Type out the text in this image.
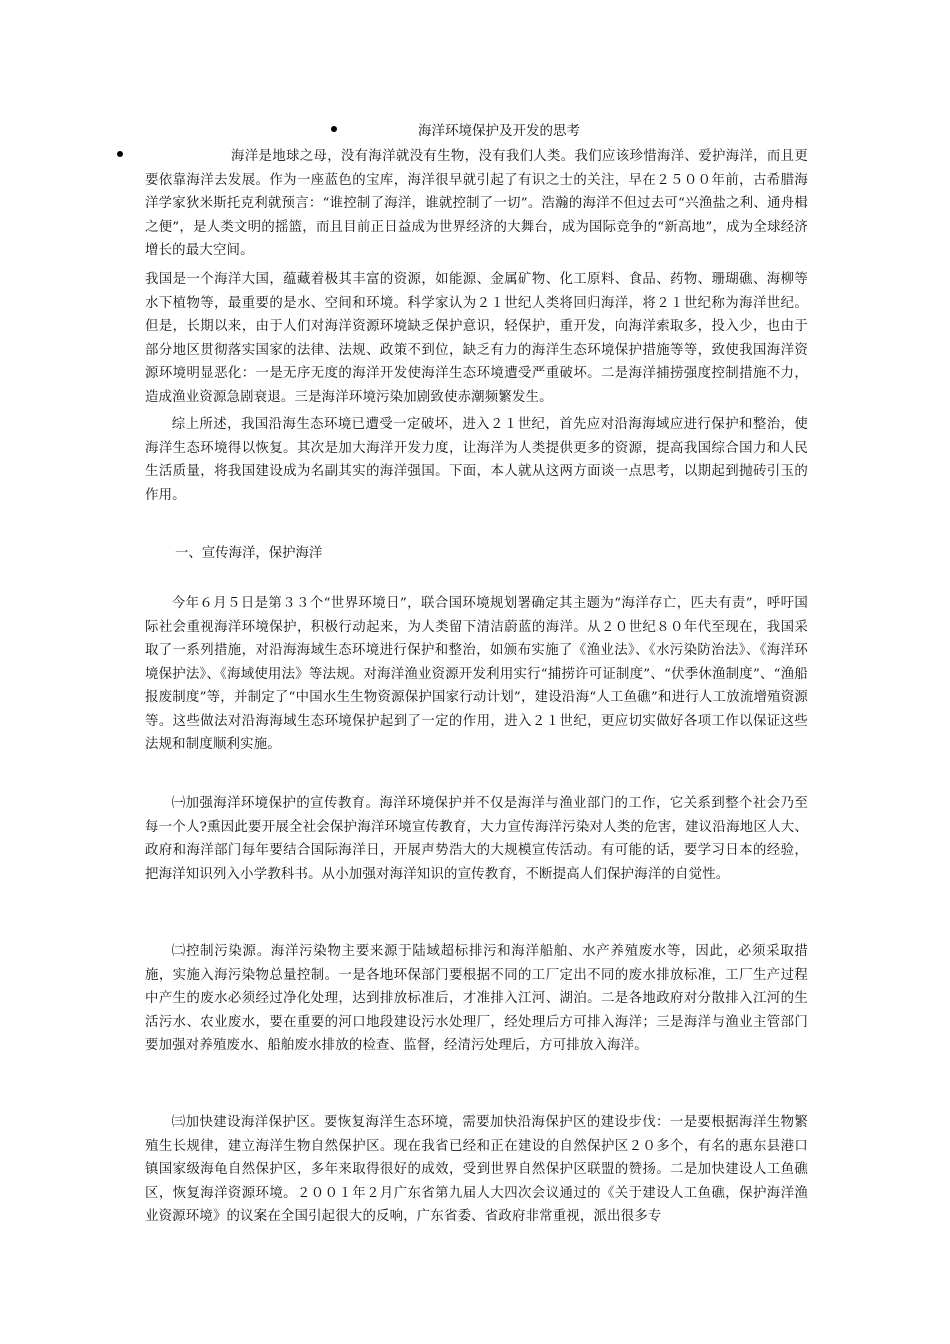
海洋环境保护及开发的思考
海洋是地球之母，没有海洋就没有生物，没有我们人类。我们应该珍惜海洋、爱护海洋，而且更要依靠海洋去发展。作为一座蓝色的宝库，海洋很早就引起了有识之士的关注，早在２５００年前，古希腊海洋学家狄米斯托克利就预言：“谁控制了海洋，谁就控制了一切”。浩瀚的海洋不但过去可“兴渔盐之利、通舟楫之便”，是人类文明的摇篮，而且目前正日益成为世界经济的大舞台，成为国际竞争的“新高地”，成为全球经济增长的最大空间。
我国是一个海洋大国，蕴藏着极其丰富的资源，如能源、金属矿物、化工原料、食品、药物、珊瑚礁、海柳等水下植物等，最重要的是水、空间和环境。科学家认为２１世纪人类将回归海洋，将２１世纪称为海洋世纪。但是，长期以来，由于人们对海洋资源环境缺乏保护意识，轻保护，重开发，向海洋索取多，投入少，也由于部分地区贯彻落实国家的法律、法规、政策不到位，缺乏有力的海洋生态环境保护措施等等，致使我国海洋资源环境明显恶化：一是无序无度的海洋开发使海洋生态环境遭受严重破坏。二是海洋捕捞强度控制措施不力，造成渔业资源急剧衰退。三是海洋环境污染加剧致使赤潮频繁发生。
综上所述，我国沿海生态环境已遭受一定破坏，进入２１世纪，首先应对沿海海域应进行保护和整治，使海洋生态环境得以恢复。其次是加大海洋开发力度，让海洋为人类提供更多的资源，提高我国综合国力和人民生活质量，将我国建设成为名副其实的海洋强国。下面，本人就从这两方面谈一点思考，以期起到抛砖引玉的作用。
一、宣传海洋，保护海洋
今年６月５日是第３３个“世界环境日”，联合国环境规划署确定其主题为“海洋存亡，匹夫有责”，呼吁国际社会重视海洋环境保护，积极行动起来，为人类留下清洁蔚蓝的海洋。从２０世纪８０年代至现在，我国采取了一系列措施，对沿海海域生态环境进行保护和整治，如颁布实施了《渔业法》、《水污染防治法》、《海洋环境保护法》、《海域使用法》等法规。对海洋渔业资源开发利用实行“捕捞许可证制度”、“伏季休渔制度”、“渔船报废制度”等，并制定了“中国水生生物资源保护国家行动计划”，建设沿海“人工鱼礁”和进行人工放流增殖资源等。这些做法对沿海海域生态环境保护起到了一定的作用，进入２１世纪，更应切实做好各项工作以保证这些法规和制度顺利实施。
㈠加强海洋环境保护的宣传教育。海洋环境保护并不仅是海洋与渔业部门的工作，它关系到整个社会乃至每一个人?熏因此要开展全社会保护海洋环境宣传教育，大力宣传海洋污染对人类的危害，建议沿海地区人大、政府和海洋部门每年要结合国际海洋日，开展声势浩大的大规模宣传活动。有可能的话，要学习日本的经验，把海洋知识列入小学教科书。从小加强对海洋知识的宣传教育，不断提高人们保护海洋的自觉性。
㈡控制污染源。海洋污染物主要来源于陆域超标排污和海洋船舶、水产养殖废水等，因此，必须采取措施，实施入海污染物总量控制。一是各地环保部门要根据不同的工厂定出不同的废水排放标准，工厂生产过程中产生的废水必须经过净化处理，达到排放标准后，才准排入江河、湖泊。二是各地政府对分散排入江河的生活污水、农业废水，要在重要的河口地段建设污水处理厂，经处理后方可排入海洋；三是海洋与渔业主管部门要加强对养殖废水、船舶废水排放的检查、监督，经清污处理后，方可排放入海洋。
㈢加快建设海洋保护区。要恢复海洋生态环境，需要加快沿海保护区的建设步伐：一是要根据海洋生物繁殖生长规律，建立海洋生物自然保护区。现在我省已经和正在建设的自然保护区２０多个，有名的惠东县港口镇国家级海龟自然保护区，多年来取得很好的成效，受到世界自然保护区联盟的赞扬。二是加快建设人工鱼礁区，恢复海洋资源环境。２００１年２月广东省第九届人大四次会议通过的《关于建设人工鱼礁，保护海洋渔业资源环境》的议案在全国引起很大的反响，广东省委、省政府非常重视，派出很多专
